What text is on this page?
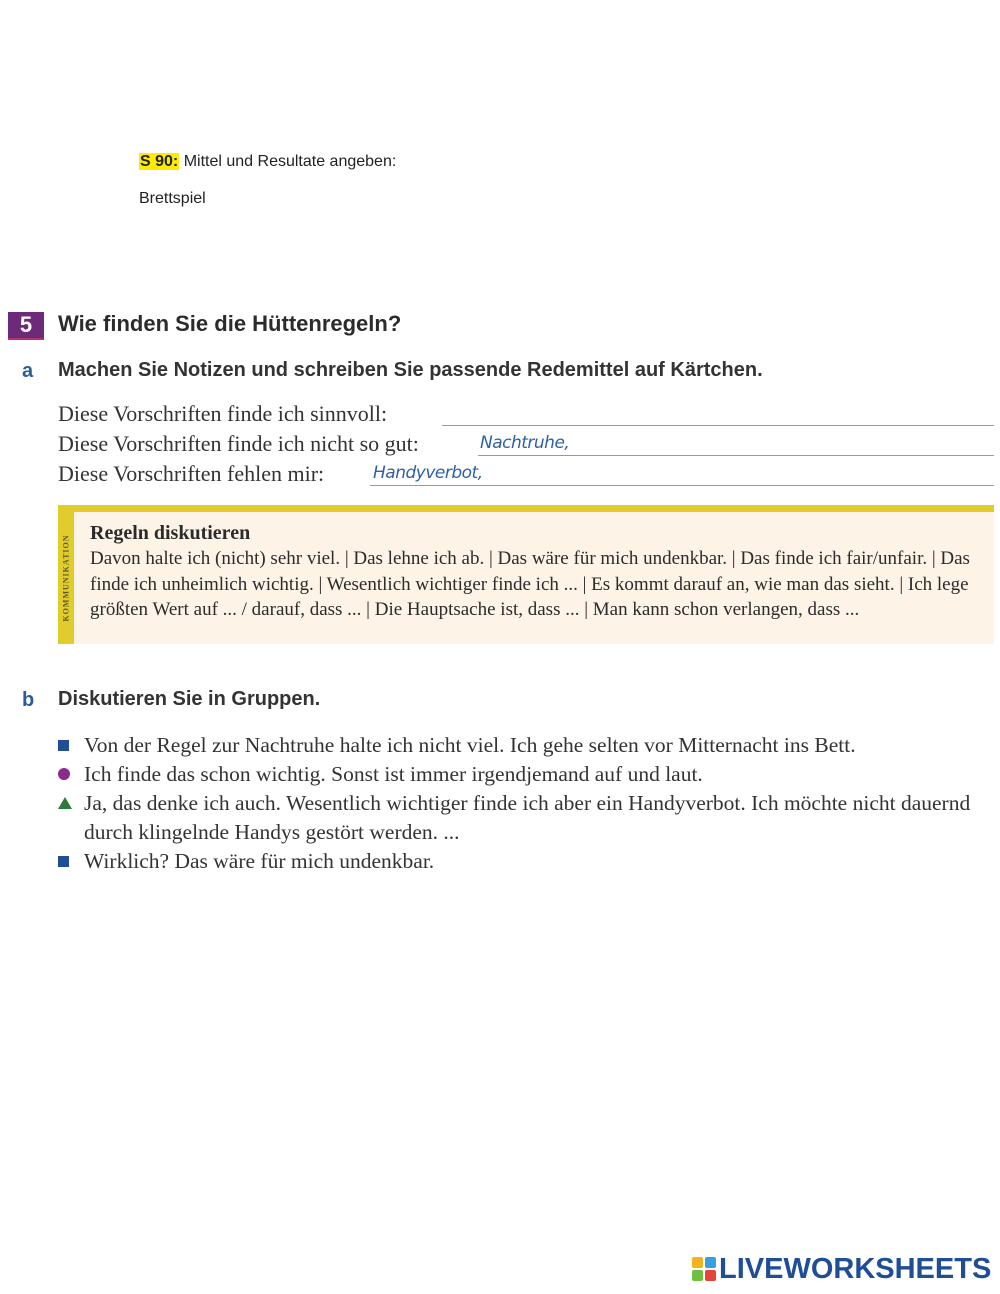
S 90: Mittel und Resultate angeben:
Brettspiel
5	Wie finden Sie die Hüttenregeln?
a Machen Sie Notizen und schreiben Sie passende Redemittel auf Kärtchen.
Diese Vorschriften finde ich sinnvoll:
Diese Vorschriften finde ich nicht so gut:	Nachtruhe,
Diese Vorschriften fehlen mir:	Handyverbot,
KOMMUNIKATION
Regeln diskutieren
Davon halte ich (nicht) sehr viel. | Das lehne ich ab. | Das wäre für mich undenkbar. | Das finde ich fair/unfair. | Das finde ich unheimlich wichtig. | Wesentlich wichtiger finde ich ... | Es kommt darauf an, wie man das sieht. | Ich lege größten Wert auf ... / darauf, dass ... | Die Hauptsache ist, dass ... | Man kann schon verlangen, dass ...
b Diskutieren Sie in Gruppen.
Von der Regel zur Nachtruhe halte ich nicht viel. Ich gehe selten vor Mitternacht ins Bett.
Ich finde das schon wichtig. Sonst ist immer irgendjemand auf und laut.
Ja, das denke ich auch. Wesentlich wichtiger finde ich aber ein Handyverbot. Ich möchte nicht dauernd durch klingelnde Handys gestört werden. ...
Wirklich? Das wäre für mich undenkbar.
LIVEWORKSHEETS
